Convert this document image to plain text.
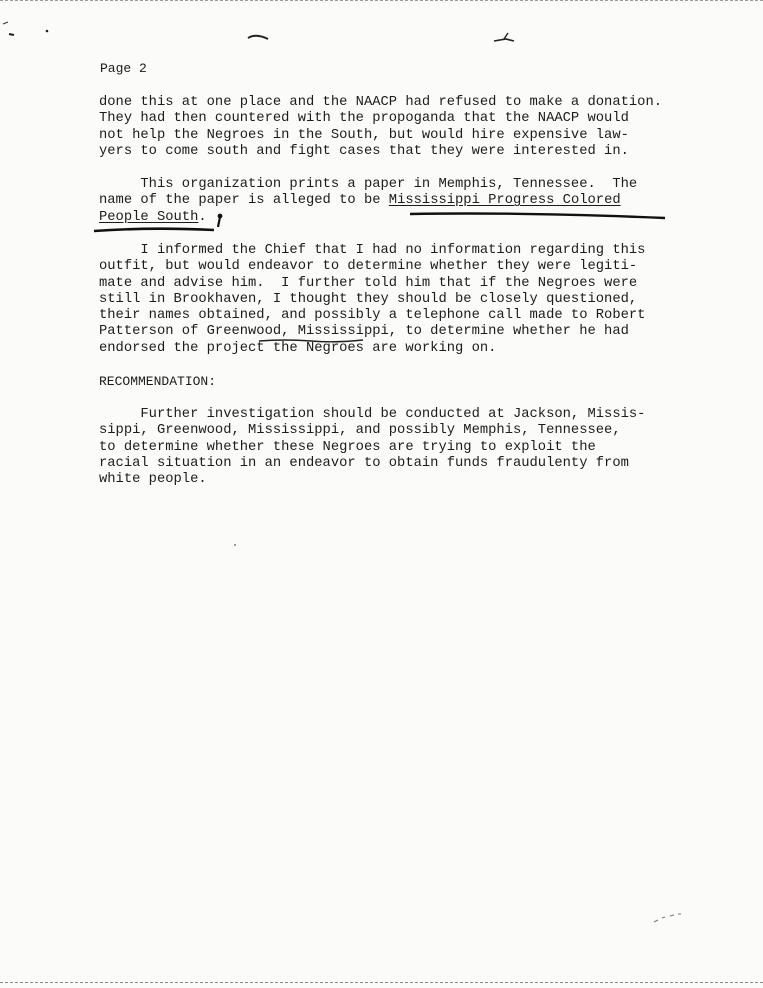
Page 2
done this at one place and the NAACP had refused to make a donation.
They had then countered with the propoganda that the NAACP would
not help the Negroes in the South, but would hire expensive law-
yers to come south and fight cases that they were interested in.
This organization prints a paper in Memphis, Tennessee.  The
name of the paper is alleged to be Mississippi Progress Colored
People South.
I informed the Chief that I had no information regarding this
outfit, but would endeavor to determine whether they were legiti-
mate and advise him.  I further told him that if the Negroes were
still in Brookhaven, I thought they should be closely questioned,
their names obtained, and possibly a telephone call made to Robert
Patterson of Greenwood, Mississippi, to determine whether he had
endorsed the project the Negroes are working on.
RECOMMENDATION:
Further investigation should be conducted at Jackson, Missis-
sippi, Greenwood, Mississippi, and possibly Memphis, Tennessee,
to determine whether these Negroes are trying to exploit the
racial situation in an endeavor to obtain funds fraudulenty from
white people.
